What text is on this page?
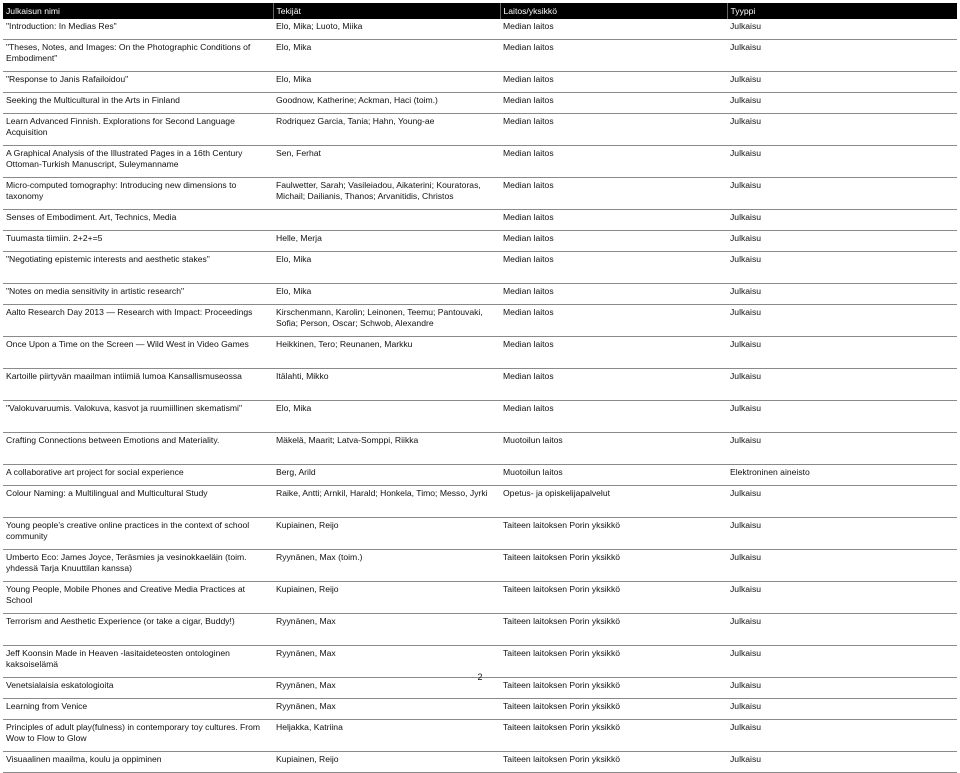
Julkaisun nimi	Tekijät	Laitos/yksikkö	Tyyppi
"Introduction: In Medias Res"	Elo, Mika; Luoto, Miika	Median laitos	Julkaisu
"Theses, Notes, and Images: On the Photographic Conditions of Embodiment"	Elo, Mika	Median laitos	Julkaisu
"Response to Janis Rafailoidou"	Elo, Mika	Median laitos	Julkaisu
Seeking the Multicultural in the Arts in Finland	Goodnow, Katherine; Ackman, Haci (toim.)	Median laitos	Julkaisu
Learn Advanced Finnish. Explorations for Second Language Acquisition	Rodriquez Garcia, Tania; Hahn, Young-ae	Median laitos	Julkaisu
A Graphical Analysis of the Illustrated Pages in a 16th Century Ottoman-Turkish Manuscript, Suleymanname	Sen, Ferhat	Median laitos	Julkaisu
Micro-computed tomography: Introducing new dimensions to taxonomy	Faulwetter, Sarah; Vasileiadou, Aikaterini; Kouratoras, Michail; Dailianis, Thanos; Arvanitidis, Christos	Median laitos	Julkaisu
Senses of Embodiment. Art, Technics, Media		Median laitos	Julkaisu
Tuumasta tiimiin. 2+2+=5	Helle, Merja	Median laitos	Julkaisu
"Negotiating epistemic interests and aesthetic stakes"	Elo, Mika	Median laitos	Julkaisu
"Notes on media sensitivity in artistic research"	Elo, Mika	Median laitos	Julkaisu
Aalto Research Day 2013 ― Research with Impact: Proceedings	Kirschenmann, Karolin; Leinonen, Teemu; Pantouvaki, Sofia; Person, Oscar; Schwob, Alexandre	Median laitos	Julkaisu
Once Upon a Time on the Screen ― Wild West in Video Games	Heikkinen, Tero; Reunanen, Markku	Median laitos	Julkaisu
Kartoille piirtyvän maailman intiimiä lumoa Kansallismuseossa	Itälahti, Mikko	Median laitos	Julkaisu
"Valokuvaruumis. Valokuva, kasvot ja ruumiillinen skematismi"	Elo, Mika	Median laitos	Julkaisu
Crafting Connections between Emotions and Materiality.	Mäkelä, Maarit; Latva-Somppi, Riikka	Muotoilun laitos	Julkaisu
A collaborative art project for social experience	Berg, Arild	Muotoilun laitos	Elektroninen aineisto
Colour Naming: a Multilingual and Multicultural Study	Raike, Antti; Arnkil, Harald; Honkela, Timo; Messo, Jyrki	Opetus- ja opiskelijapalvelut	Julkaisu
Young people’s creative online practices in the context of school community	Kupiainen, Reijo	Taiteen laitoksen Porin yksikkö	Julkaisu
Umberto Eco: James Joyce, Teräsmies ja vesinokkaeläin (toim. yhdessä Tarja Knuuttilan kanssa)	Ryynänen, Max (toim.)	Taiteen laitoksen Porin yksikkö	Julkaisu
Young People, Mobile Phones and Creative Media Practices at School	Kupiainen, Reijo	Taiteen laitoksen Porin yksikkö	Julkaisu
Terrorism and Aesthetic Experience (or take a cigar, Buddy!)	Ryynänen, Max	Taiteen laitoksen Porin yksikkö	Julkaisu
Jeff Koonsin Made in Heaven -lasitaideteosten ontologinen kaksoiselämä	Ryynänen, Max	Taiteen laitoksen Porin yksikkö	Julkaisu
Venetsialaisia eskatologioita	Ryynänen, Max	Taiteen laitoksen Porin yksikkö	Julkaisu
Learning from Venice	Ryynänen, Max	Taiteen laitoksen Porin yksikkö	Julkaisu
Principles of adult play(fulness) in contemporary toy cultures. From Wow to Flow to Glow	Heljakka, Katriina	Taiteen laitoksen Porin yksikkö	Julkaisu
Visuaalinen maailma, koulu ja oppiminen	Kupiainen, Reijo	Taiteen laitoksen Porin yksikkö	Julkaisu
2
